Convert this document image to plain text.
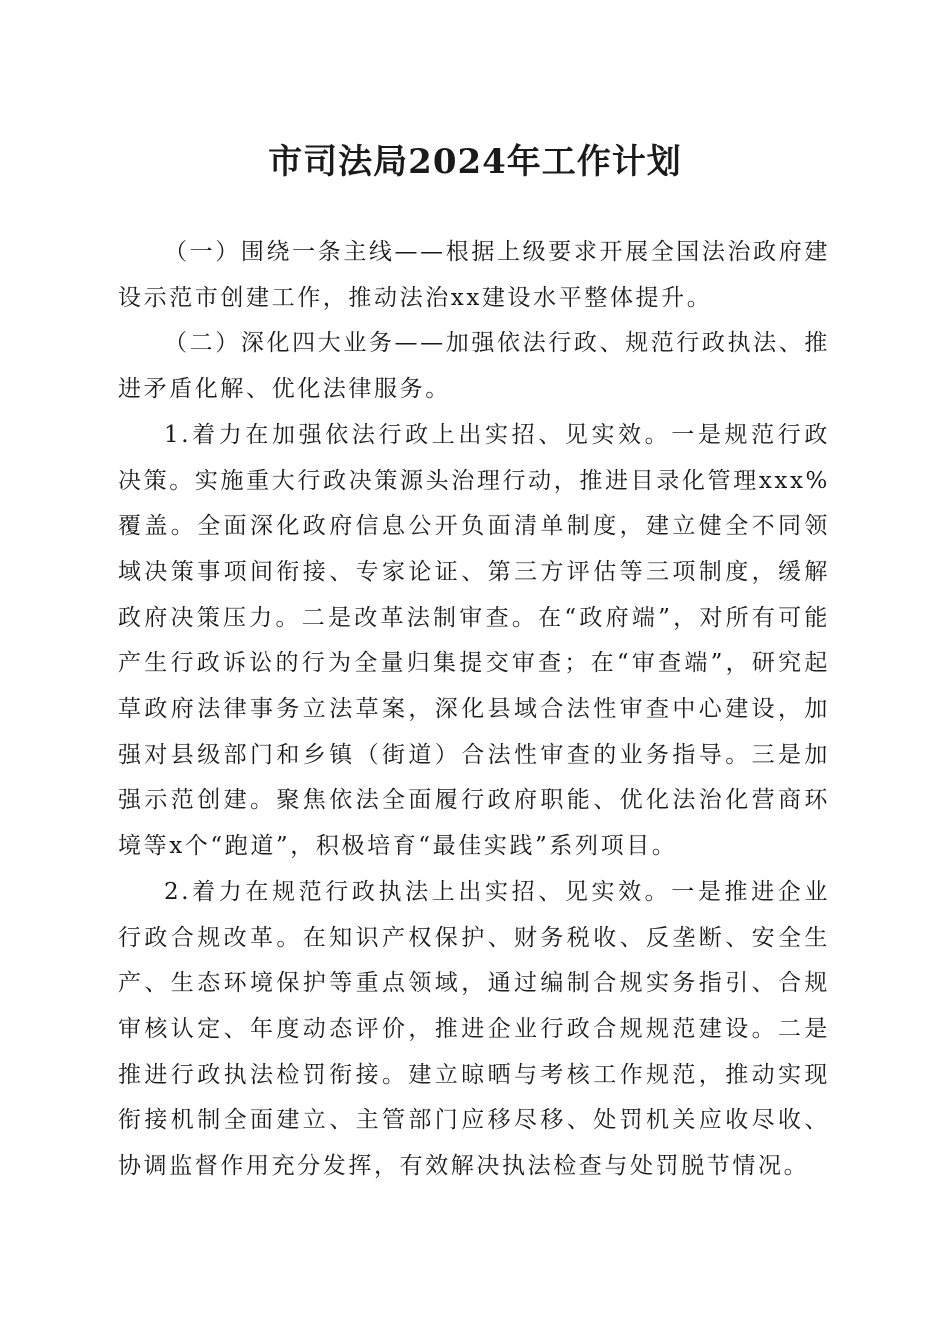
市司法局2024年工作计划

（一）围绕一条主线——根据上级要求开展全国法治政府建设示范市创建工作，推动法治xx建设水平整体提升。

（二）深化四大业务——加强依法行政、规范行政执法、推进矛盾化解、优化法律服务。

1.着力在加强依法行政上出实招、见实效。一是规范行政决策。实施重大行政决策源头治理行动，推进目录化管理xxx%覆盖。全面深化政府信息公开负面清单制度，建立健全不同领域决策事项间衔接、专家论证、第三方评估等三项制度，缓解政府决策压力。二是改革法制审查。在“政府端”，对所有可能产生行政诉讼的行为全量归集提交审查；在“审查端”，研究起草政府法律事务立法草案，深化县域合法性审查中心建设，加强对县级部门和乡镇（街道）合法性审查的业务指导。三是加强示范创建。聚焦依法全面履行政府职能、优化法治化营商环境等x个“跑道”，积极培育“最佳实践”系列项目。

2.着力在规范行政执法上出实招、见实效。一是推进企业行政合规改革。在知识产权保护、财务税收、反垄断、安全生产、生态环境保护等重点领域，通过编制合规实务指引、合规审核认定、年度动态评价，推进企业行政合规规范建设。二是推进行政执法检罚衔接。建立晾晒与考核工作规范，推动实现衔接机制全面建立、主管部门应移尽移、处罚机关应收尽收、协调监督作用充分发挥，有效解决执法检查与处罚脱节情况。
